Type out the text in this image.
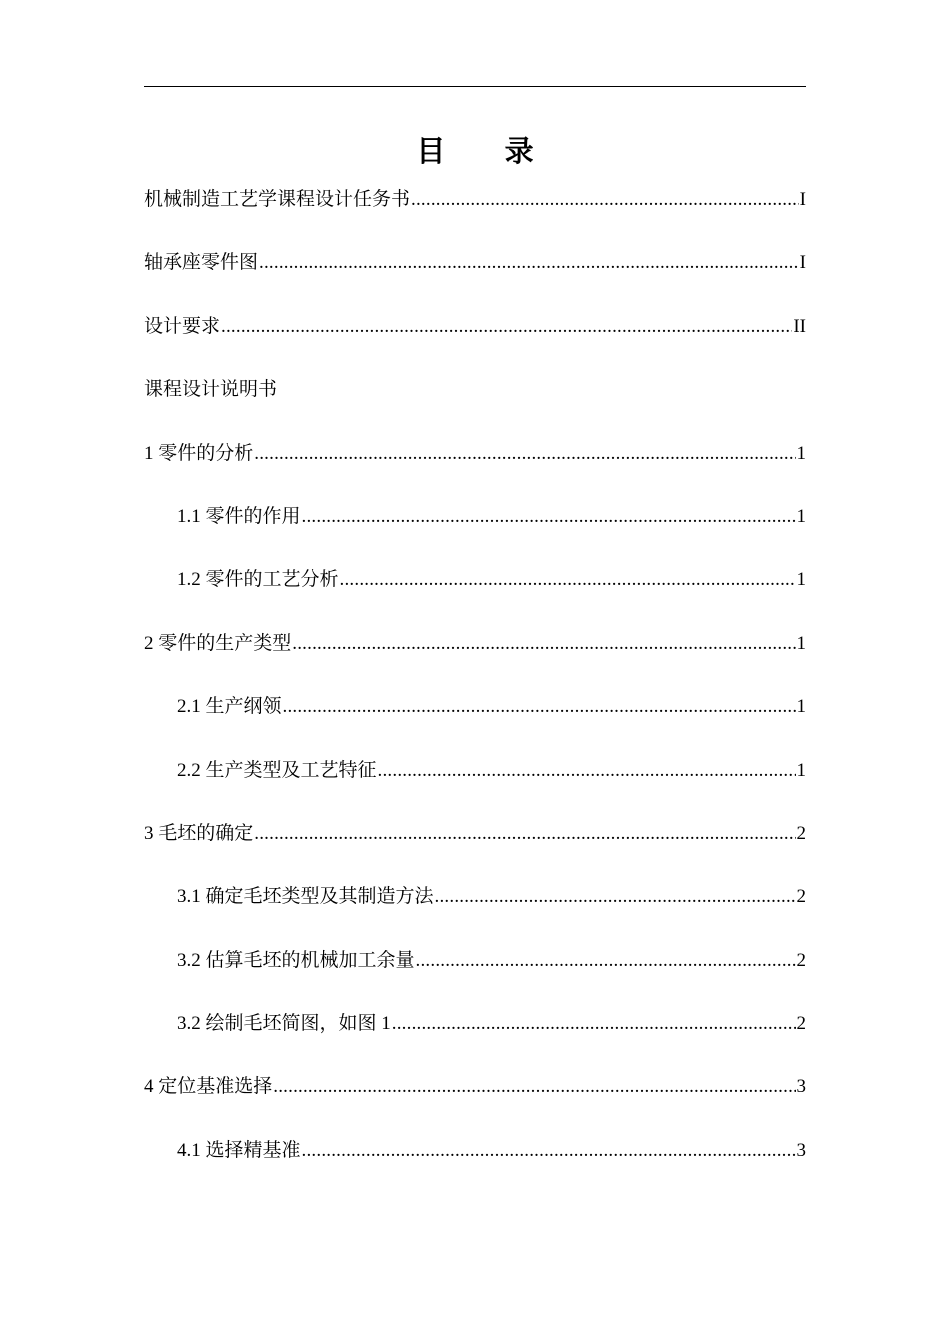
目 录
机械制造工艺学课程设计任务书 .....	I
轴承座零件图 .....	I
设计要求 .....	II
课程设计说明书
1 零件的分析 .....	1
1.1 零件的作用 .....	1
1.2 零件的工艺分析 .....	1
2 零件的生产类型 .....	1
2.1 生产纲领 .....	1
2.2 生产类型及工艺特征 .....	1
3 毛坯的确定 .....	2
3.1 确定毛坯类型及其制造方法 .....	2
3.2 估算毛坯的机械加工余量 .....	2
3.2 绘制毛坯简图，如图 1 .....	2
4 定位基准选择 .....	3
4.1 选择精基准 .....	3
